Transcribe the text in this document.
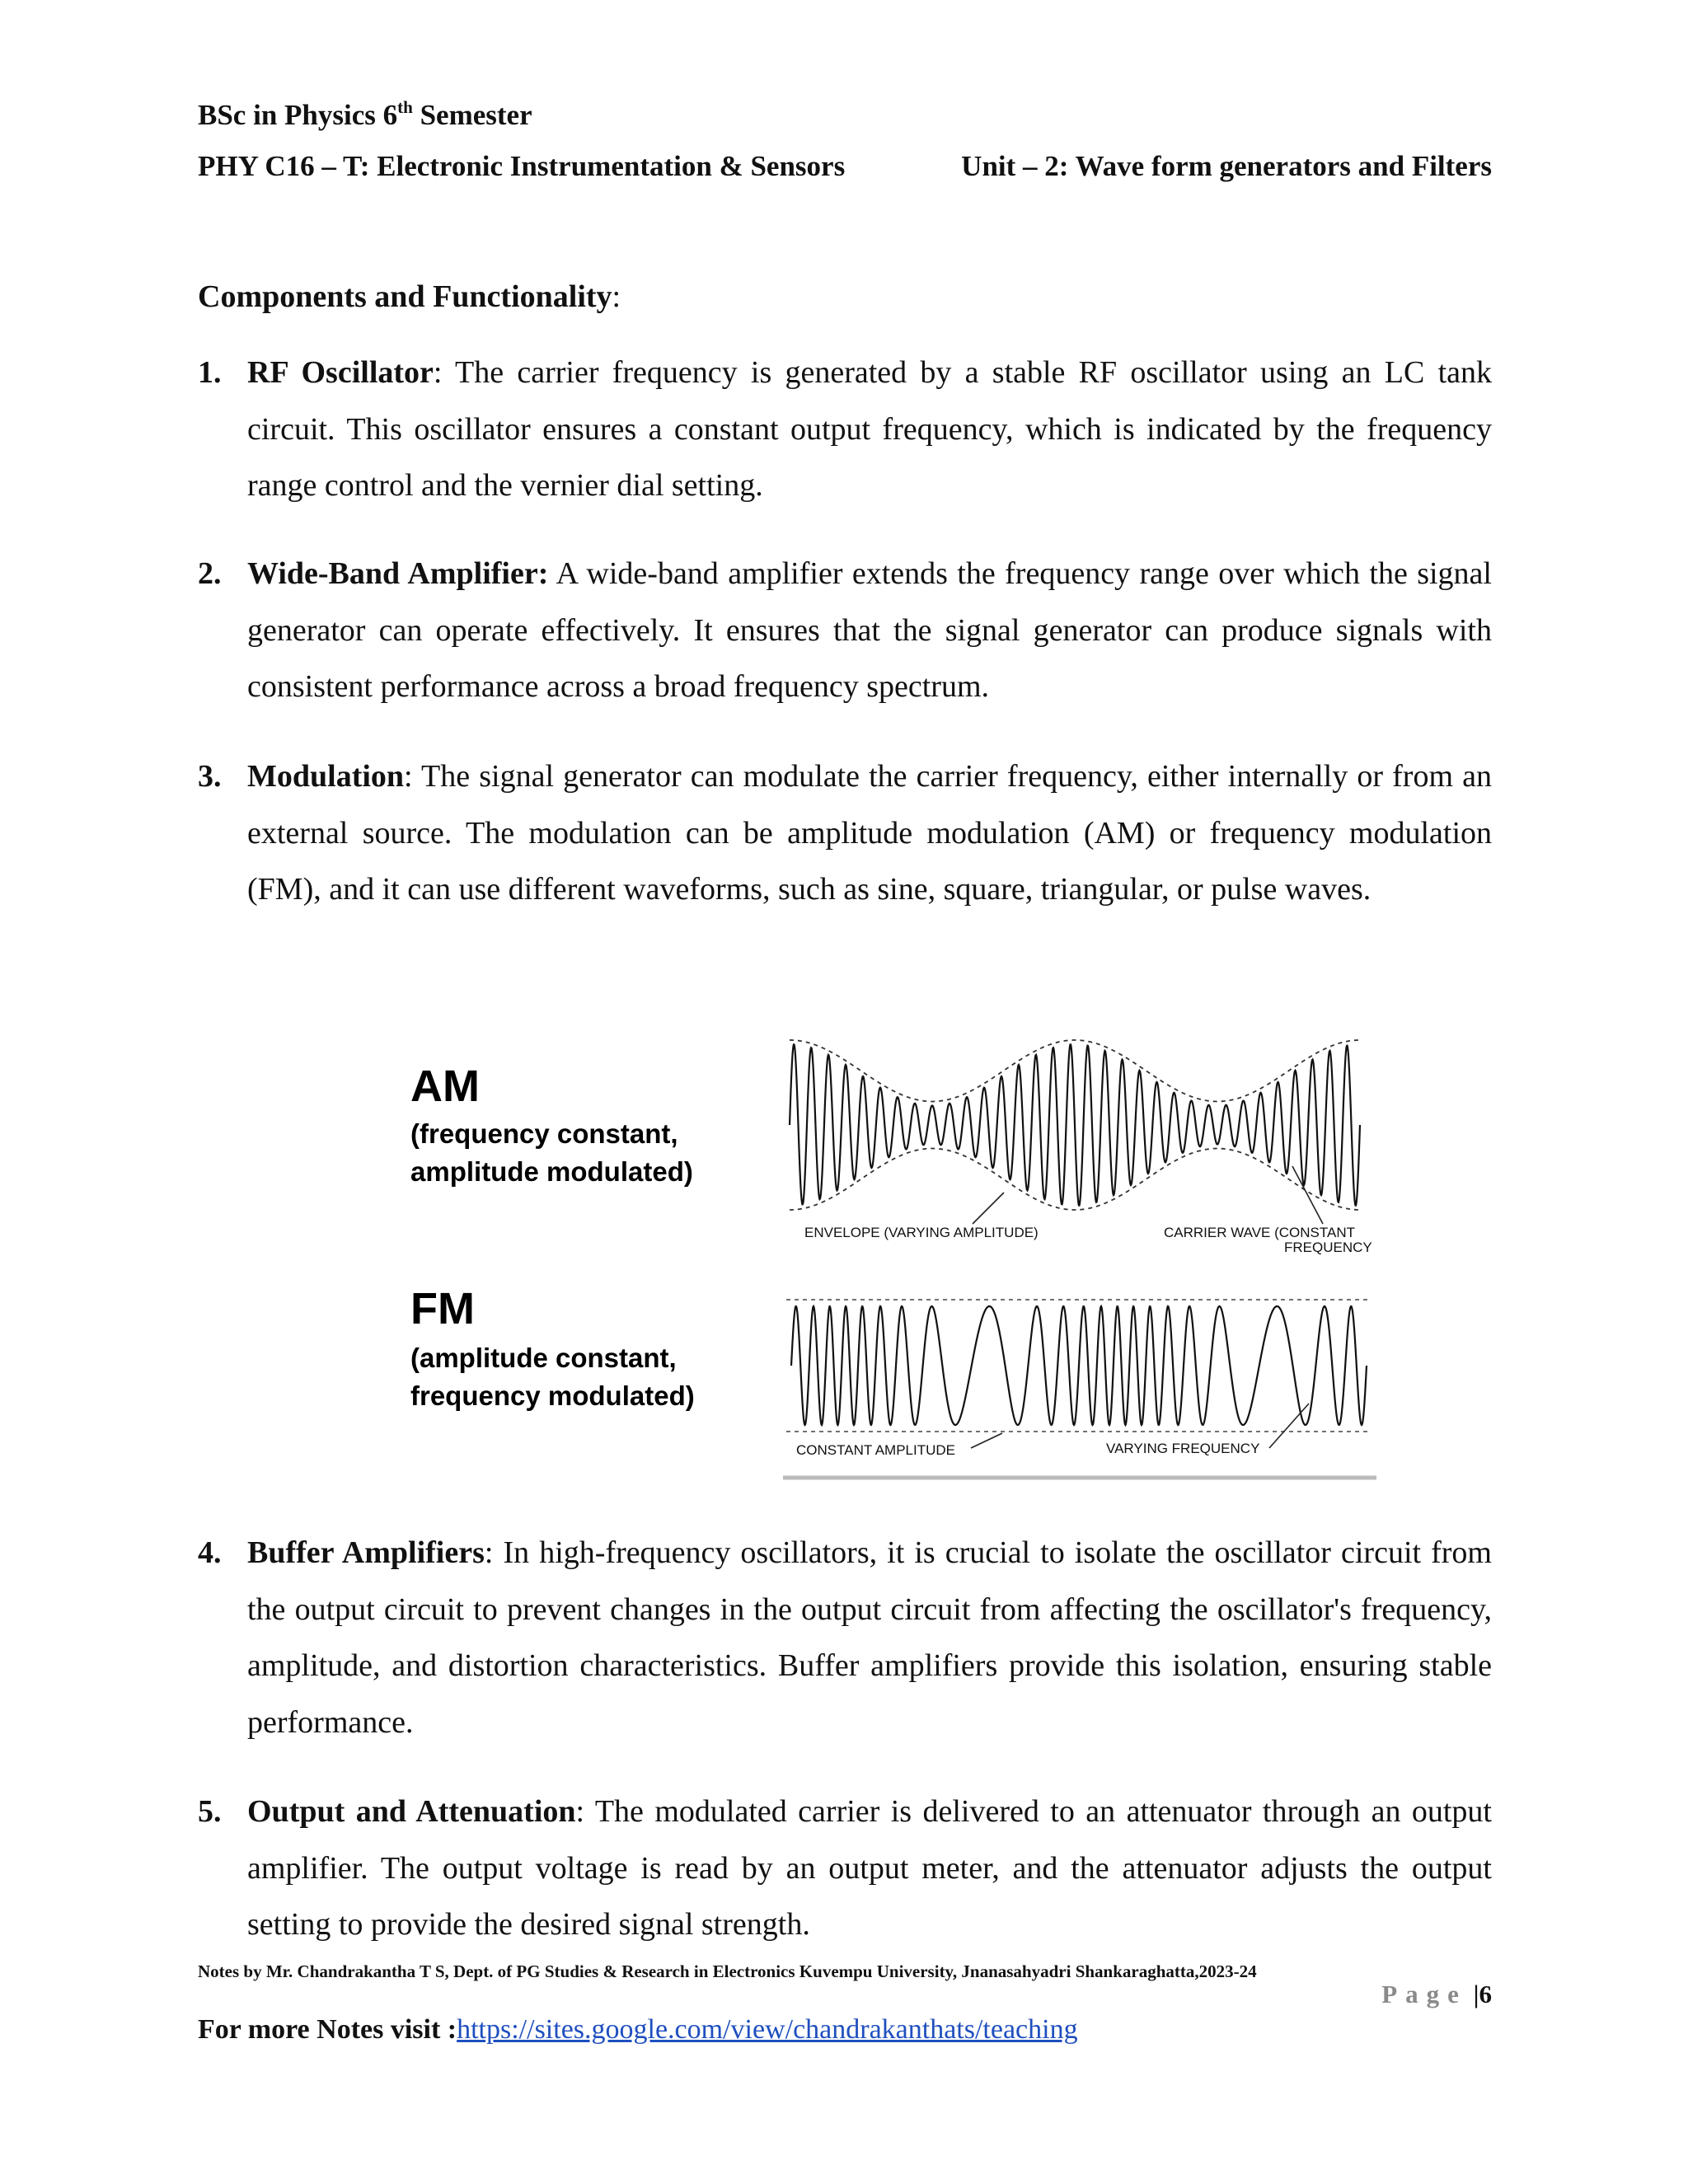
BSc in Physics 6th Semester
PHY C16 – T: Electronic Instrumentation & Sensors	Unit – 2: Wave form generators and Filters
Components and Functionality:
1. RF Oscillator: The carrier frequency is generated by a stable RF oscillator using an LC tank circuit. This oscillator ensures a constant output frequency, which is indicated by the frequency range control and the vernier dial setting.
2. Wide-Band Amplifier: A wide-band amplifier extends the frequency range over which the signal generator can operate effectively. It ensures that the signal generator can produce signals with consistent performance across a broad frequency spectrum.
3. Modulation: The signal generator can modulate the carrier frequency, either internally or from an external source. The modulation can be amplitude modulation (AM) or frequency modulation (FM), and it can use different waveforms, such as sine, square, triangular, or pulse waves.
AM
(frequency constant,
amplitude modulated)
FM
(amplitude constant,
frequency modulated)
ENVELOPE (VARYING AMPLITUDE)	CARRIER WAVE (CONSTANT
FREQUENCY
CONSTANT AMPLITUDE	VARYING FREQUENCY
4. Buffer Amplifiers: In high-frequency oscillators, it is crucial to isolate the oscillator circuit from the output circuit to prevent changes in the output circuit from affecting the oscillator's frequency, amplitude, and distortion characteristics. Buffer amplifiers provide this isolation, ensuring stable performance.
5. Output and Attenuation: The modulated carrier is delivered to an attenuator through an output amplifier. The output voltage is read by an output meter, and the attenuator adjusts the output setting to provide the desired signal strength.
Notes by Mr. Chandrakantha T S, Dept. of PG Studies & Research in Electronics Kuvempu University, Jnanasahyadri Shankaraghatta,2023-24
Page |6
For more Notes visit :https://sites.google.com/view/chandrakanthats/teaching
